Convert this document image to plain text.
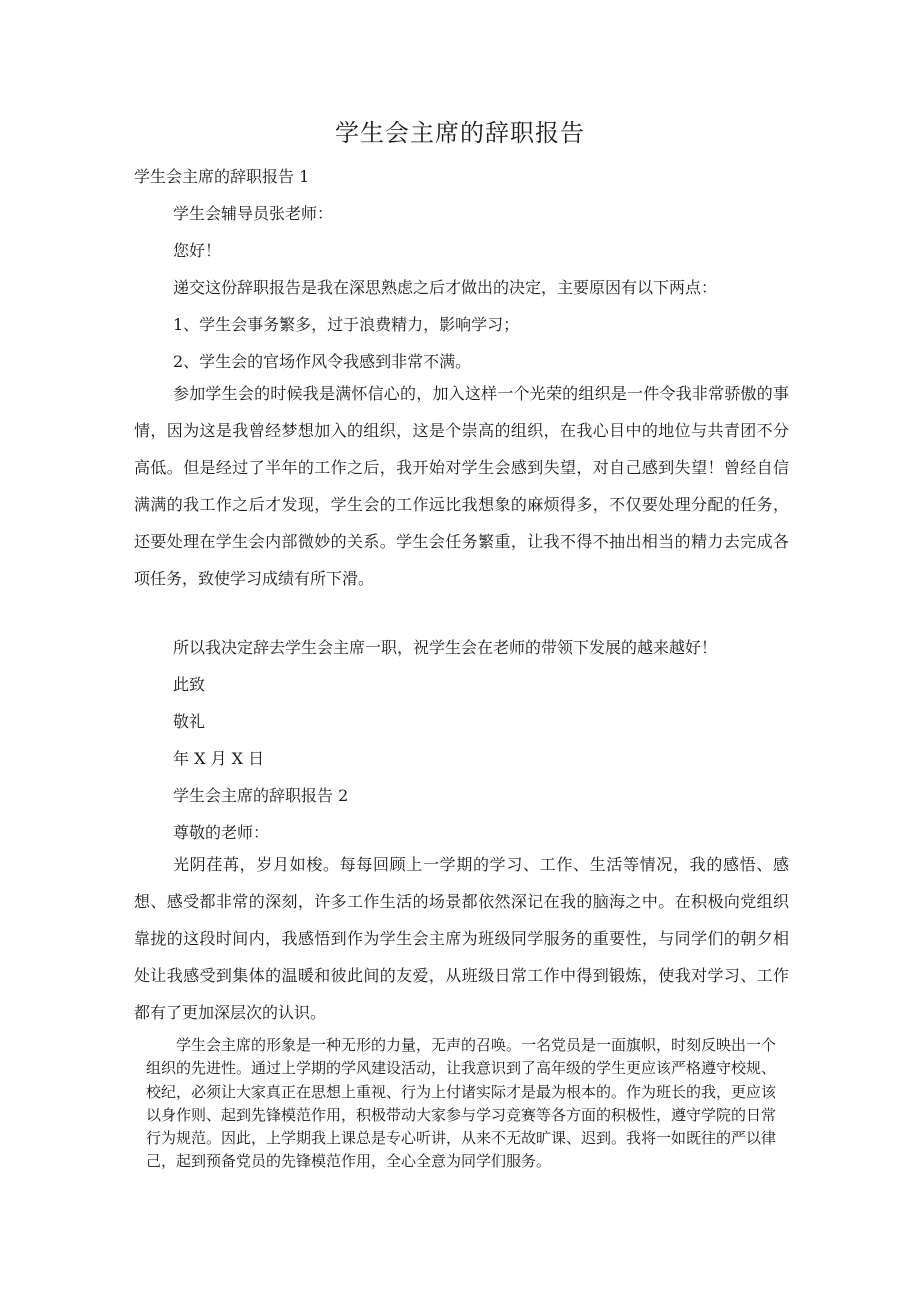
学生会主席的辞职报告

学生会主席的辞职报告 1

学生会辅导员张老师：

您好！

递交这份辞职报告是我在深思熟虑之后才做出的决定，主要原因有以下两点：

1、学生会事务繁多，过于浪费精力，影响学习；

2、学生会的官场作风令我感到非常不满。

参加学生会的时候我是满怀信心的，加入这样一个光荣的组织是一件令我非常骄傲的事情，因为这是我曾经梦想加入的组织，这是个崇高的组织，在我心目中的地位与共青团不分高低。但是经过了半年的工作之后，我开始对学生会感到失望，对自己感到失望！曾经自信满满的我工作之后才发现，学生会的工作远比我想象的麻烦得多，不仅要处理分配的任务，还要处理在学生会内部微妙的关系。学生会任务繁重，让我不得不抽出相当的精力去完成各项任务，致使学习成绩有所下滑。

所以我决定辞去学生会主席一职，祝学生会在老师的带领下发展的越来越好！

此致

敬礼

年 X 月 X 日

学生会主席的辞职报告 2

尊敬的老师：

光阴荏苒，岁月如梭。每每回顾上一学期的学习、工作、生活等情况，我的感悟、感想、感受都非常的深刻，许多工作生活的场景都依然深记在我的脑海之中。在积极向党组织靠拢的这段时间内，我感悟到作为学生会主席为班级同学服务的重要性，与同学们的朝夕相处让我感受到集体的温暖和彼此间的友爱，从班级日常工作中得到锻炼，使我对学习、工作都有了更加深层次的认识。

学生会主席的形象是一种无形的力量，无声的召唤。一名党员是一面旗帜，时刻反映出一个组织的先进性。通过上学期的学风建设活动，让我意识到了高年级的学生更应该严格遵守校规、校纪，必须让大家真正在思想上重视、行为上付诸实际才是最为根本的。作为班长的我，更应该以身作则、起到先锋模范作用，积极带动大家参与学习竞赛等各方面的积极性，遵守学院的日常行为规范。因此，上学期我上课总是专心听讲，从来不无故旷课、迟到。我将一如既往的严以律己，起到预备党员的先锋模范作用，全心全意为同学们服务。
